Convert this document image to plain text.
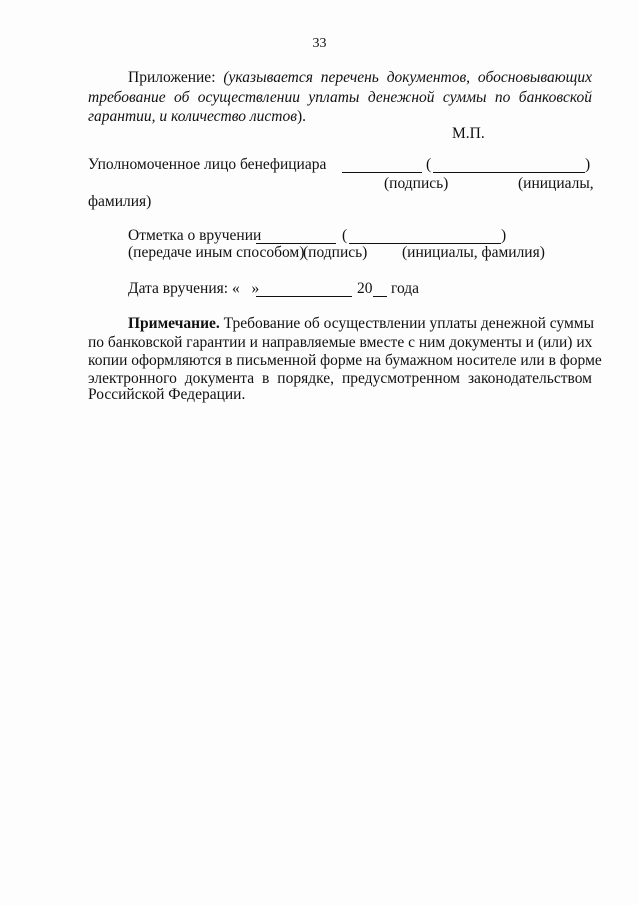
33
Приложение: (указывается перечень документов, обосновывающих
требование об осуществлении уплаты денежной суммы по банковской
гарантии, и количество листов).
М.П.
Уполномоченное лицо бенефициара	(	)
(подпись)	(инициалы,
фамилия)
Отметка о вручении	(	)
(передаче иным способом)
(подпись) (инициалы, фамилия)
Дата вручения: « »	20 года
Примечание. Требование об осуществлении уплаты денежной суммы
по банковской гарантии и направляемые вместе с ним документы и (или) их
копии оформляются в письменной форме на бумажном носителе или в форме
электронного документа в порядке, предусмотренном законодательством
Российской Федерации.
